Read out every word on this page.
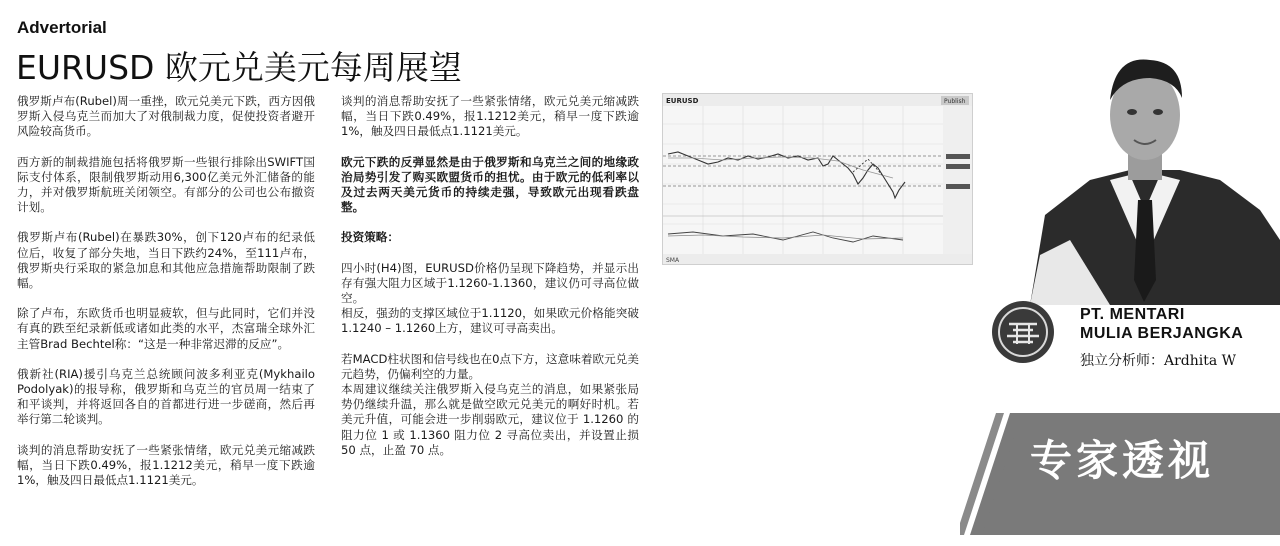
Advertorial
EURUSD 欧元兑美元每周展望

俄罗斯卢布(Rubel)周一重挫，欧元兑美元下跌，西方因俄罗斯入侵乌克兰而加大了对俄制裁力度，促使投资者避开风险较高货币。

西方新的制裁措施包括将俄罗斯一些银行排除出SWIFT国际支付体系，限制俄罗斯动用6,300亿美元外汇储备的能力，并对俄罗斯航班关闭领空。有部分的公司也公布撤资计划。

俄罗斯卢布(Rubel)在暴跌30%，创下120卢布的纪录低位后，收复了部分失地，当日下跌约24%，至111卢布，俄罗斯央行采取的紧急加息和其他应急措施帮助限制了跌幅。

除了卢布，东欧货币也明显疲软，但与此同时，它们并没有真的跌至纪录新低或诸如此类的水平，杰富瑞全球外汇主管Brad Bechtel称：“这是一种非常迟滞的反应”。

俄新社(RIA)援引乌克兰总统顾问波多利亚克(Mykhailo Podolyak)的报导称，俄罗斯和乌克兰的官员周一结束了和平谈判，并将返回各自的首都进行进一步磋商，然后再举行第二轮谈判。

谈判的消息帮助安抚了一些紧张情绪，欧元兑美元缩减跌幅，当日下跌0.49%，报1.1212美元，稍早一度下跌逾1%，触及四日最低点1.1121美元。

谈判的消息帮助安抚了一些紧张情绪，欧元兑美元缩减跌幅，当日下跌0.49%，报1.1212美元，稍早一度下跌逾1%，触及四日最低点1.1121美元。

欧元下跌的反弹显然是由于俄罗斯和乌克兰之间的地缘政治局势引发了购买欧盟货币的担忧。由于欧元的低利率以及过去两天美元货币的持续走强，导致欧元出现看跌盘整。

投资策略：

四小时(H4)图，EURUSD价格仍呈现下降趋势，并显示出存有强大阻力区域于1.1260-1.1360，建议仍可寻高位做空。

相反，强劲的支撑区域位于1.1120，如果欧元价格能突破 1.1240 – 1.1260上方，建议可寻高卖出。

若MACD柱状图和信号线也在0点下方，这意味着欧元兑美元趋势，仍偏利空的力量。

本周建议继续关注俄罗斯入侵乌克兰的消息，如果紧张局势仍继续升温，那么就是做空欧元兑美元的啊好时机。若美元升值，可能会进一步削弱欧元，建议位于 1.1260 的阻力位 1 或 1.1360 阻力位 2 寻高位卖出，并设置止损 50 点，止盈 70 点。

EURUSD	Publish
SMA
PT. MENTARI
MULIA BERJANGKA
独立分析师：Ardhita W
专家透视
